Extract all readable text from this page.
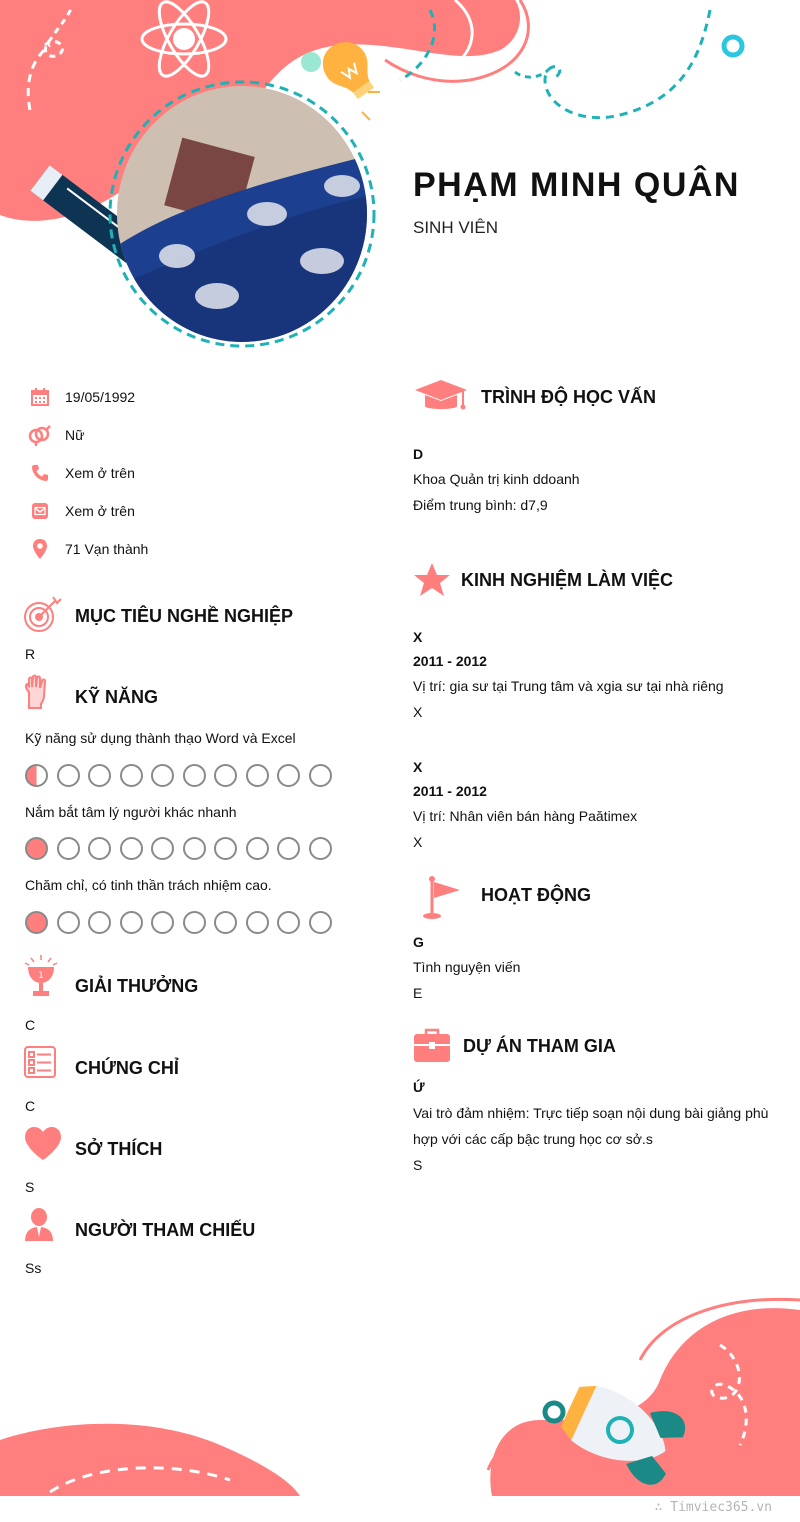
PHẠM MINH QUÂN
SINH VIÊN
19/05/1992
Nữ
Xem ở trên
Xem ở trên
71 Vạn thành
MỤC TIÊU NGHỀ NGHIỆP
R
KỸ NĂNG
Kỹ năng sử dụng thành thạo Word và Excel
Nắm bắt tâm lý người khác nhanh
Chăm chỉ, có tinh thần trách nhiệm cao.
1 GIẢI THƯỞNG
C
CHỨNG CHỈ
C
SỞ THÍCH
S
NGƯỜI THAM CHIẾU
Ss
TRÌNH ĐỘ HỌC VẤN
D
Khoa Quản trị kinh ddoanh
Điểm trung bình: d7,9
KINH NGHIỆM LÀM VIỆC
X
2011 - 2012
Vị trí: gia sư tại Trung tâm và xgia sư tại nhà riêng
X
X
2011 - 2012
Vị trí: Nhân viên bán hàng Paătimex
X
HOẠT ĐỘNG
G
Tình nguyện viến
E
DỰ ÁN THAM GIA
Ứ
Vai trò đảm nhiệm: Trực tiếp soạn nội dung bài giảng phù
hợp với các cấp bậc trung học cơ sở.s
S
∴ Timviec365.vn
